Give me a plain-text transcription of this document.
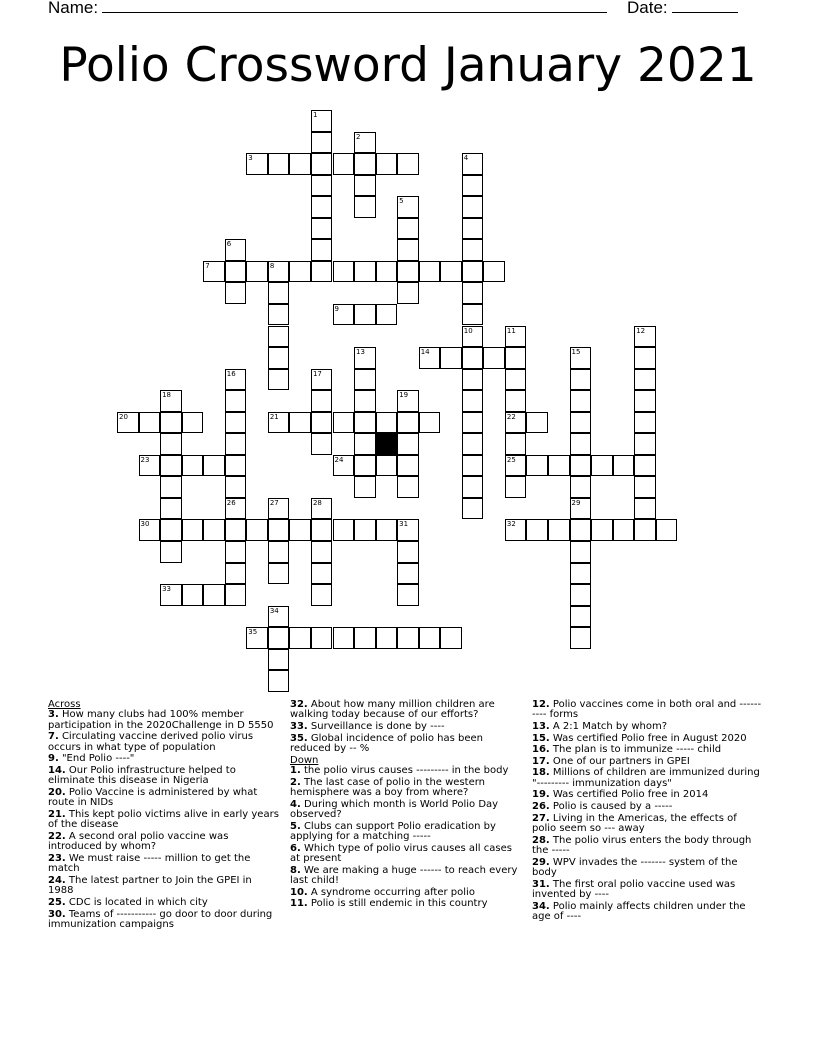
Name:	Date:
Polio Crossword January 2021
1
2
4
5
6
8
10	11
22
25
12
13	15
29
16
26
17
18	19
27	28
31
34
3
7
9
14
20	21
23	24
30	32
33
35

Across

3. How many clubs had 100% member participation in the 2020Challenge in D 5550

7. Circulating vaccine derived polio virus occurs in what type of population

9. "End Polio ----"

14. Our Polio infrastructure helped to eliminate this disease in Nigeria

20. Polio Vaccine is administered by what route in NIDs

21. This kept polio victims alive in early years of the disease

22. A second oral polio vaccine was introduced by whom?

23. We must raise ----- million to get the match

24. The latest partner to Join the GPEI in 1988

25. CDC is located in which city

30. Teams of ----------- go door to door during immunization campaigns

32. About how many million children are walking today because of our efforts?

33. Surveillance is done by ----

35. Global incidence of polio has been reduced by -- %

Down

1. the polio virus causes --------- in the body

2. The last case of polio in the western hemisphere was a boy from where?

4. During which month is World Polio Day observed?

5. Clubs can support Polio eradication by applying for a matching -----

6. Which type of polio virus causes all cases at present

8. We are making a huge ------ to reach every last child!

10. A syndrome occurring after polio

11. Polio is still endemic in this country

12. Polio vaccines come in both oral and ---------- forms

13. A 2:1 Match by whom?

15. Was certified Polio free in August 2020

16. The plan is to immunize ----- child

17. One of our partners in GPEI

18. Millions of children are immunized during "--------- immunization days"

19. Was certified Polio free in 2014

26. Polio is caused by a -----

27. Living in the Americas, the effects of polio seem so --- away

28. The polio virus enters the body through the -----

29. WPV invades the ------- system of the body

31. The first oral polio vaccine used was invented by ----

34. Polio mainly affects children under the age of ----
